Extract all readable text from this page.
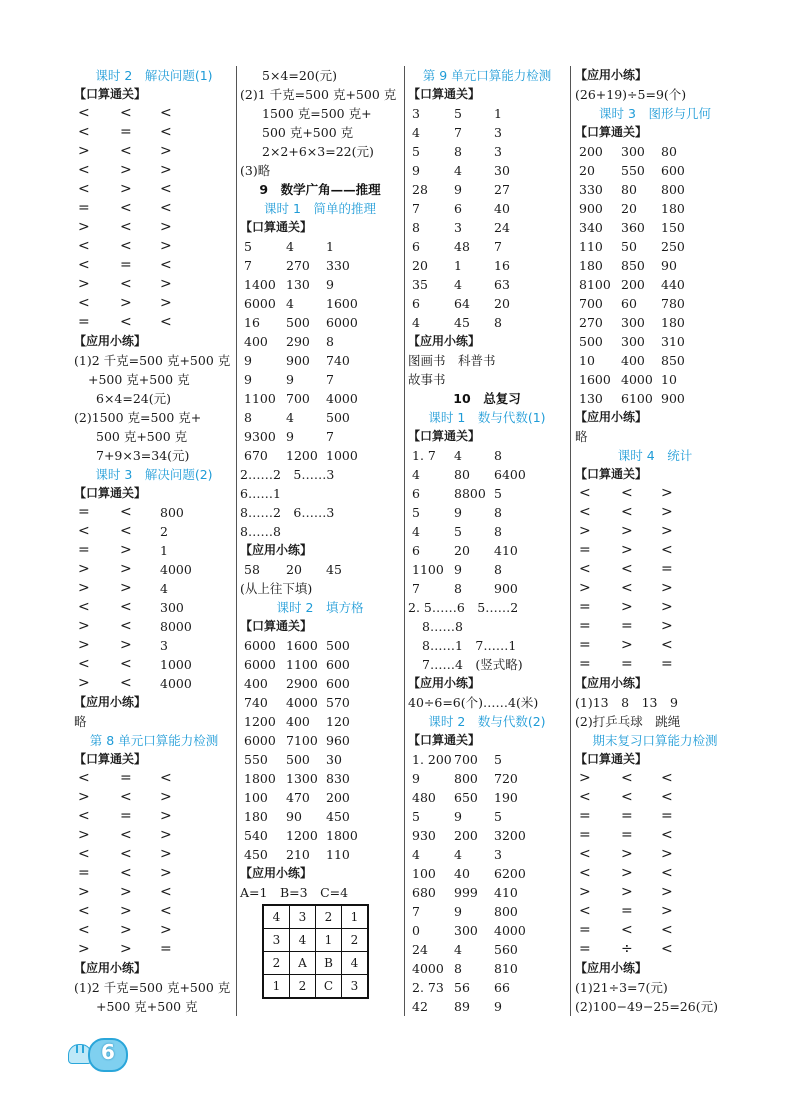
课时 2　解决问题(1)
【口算通关】
< < <
< = <
> < >
< > >
< > <
= < <
> < >
< < >
< = <
> < >
< > >
= < <
【应用小练】
(1)2 千克=500 克+500 克
+500 克+500 克
6×4=24(元)
(2)1500 克=500 克+
500 克+500 克
7+9×3=34(元)
课时 3　解决问题(2)
【口算通关】
= < 800
< < 2
= > 1
> > 4000
> > 4
< < 300
> < 8000
> > 3
< < 1000
> < 4000
【应用小练】
略
第 8 单元口算能力检测
【口算通关】
< = <
> < >
< = >
> < >
< < >
= < >
> > <
< > <
< > >
> > =
【应用小练】
(1)2 千克=500 克+500 克
+500 克+500 克
5×4=20(元)
(2)1 千克=500 克+500 克
1500 克=500 克+
500 克+500 克
2×2+6×3=22(元)
(3)略
9　数学广角——推理
课时 1　简单的推理
【口算通关】
5	4	1
7	270 330
1400 130 9
6000 4	1600
16 500 6000
400 290 8
9	900 740
9	9	7
1100 700 4000
8	4	500
9300 9	7
670 1200 1000
2……2　5……3
6……1
8……2　6……3
8……8
【应用小练】
58 20 45
(从上往下填)
课时 2　填方格
【口算通关】
6000 1600 500
6000 1100 600
400 2900 600
740 4000 570
1200 400 120
6000 7100 960
550 500 30
1800 1300 830
100 470 200
180 90 450
540 1200 1800
450 210 110
【应用小练】
A=1　B=3　C=4
4	3	2	1
3	4	1	2
2	A	B	4
1	2	C	3
第 9 单元口算能力检测
【口算通关】
3	5	1
4	7	3
5	8	3
9	4	30
28 9	27
7	6	40
8	3	24
6	48 7
20 1	16
35 4	63
6	64 20
4	45 8
【应用小练】
图画书　科普书
故事书
10　总复习
课时 1　数与代数(1)
【口算通关】
1. 7 4	8
4	80 6400
6	8800 5
5	9	8
4	5	8
6	20 410
1100 9	8
7	8	900
2. 5……6　5……2
8……8
8……1　7……1
7……4　(竖式略)
【应用小练】
40÷6=6(个)……4(米)
课时 2　数与代数(2)
【口算通关】
1. 200 700 5
9	800 720
480 650 190
5	9	5
930 200 3200
4	4	3
100 40 6200
680 999 410
7	9	800
0	300 4000
24 4	560
4000 8	810
2. 73 56 66
42 89 9
【应用小练】
(26+19)÷5=9(个)
课时 3　图形与几何
【口算通关】
200 300 80
20 550 600
330 80 800
900 20 180
340 360 150
110 50 250
180 850 90
8100 200 440
700 60 780
270 300 180
500 300 310
10 400 850
1600 4000 10
130 6100 900
【应用小练】
略
课时 4　统计
【口算通关】
< < >
< < >
> > >
= > <
< < =
> < >
= > >
= = >
= > <
= = =
【应用小练】
(1)13　8　13　9
(2)打乒乓球　跳绳
期末复习口算能力检测
【口算通关】
> < <
< < <
= = =
= = <
< > >
< > <
> > >
< = >
= < <
= ÷ <
【应用小练】
(1)21÷3=7(元)
(2)100−49−25=26(元)
6
